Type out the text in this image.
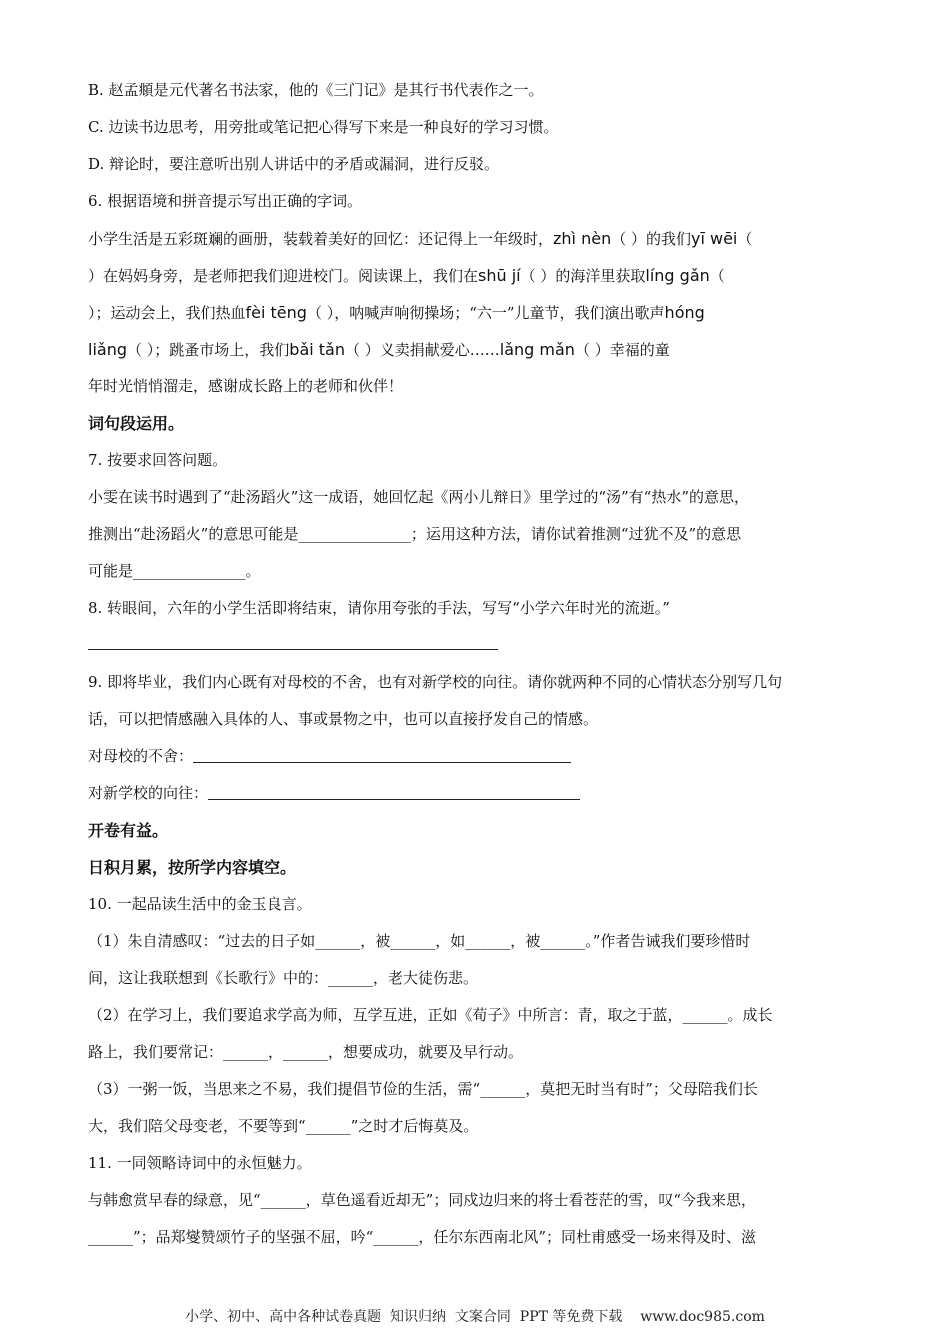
B. 赵孟頫是元代著名书法家，他的《三门记》是其行书代表作之一。
C. 边读书边思考，用旁批或笔记把心得写下来是一种良好的学习习惯。
D. 辩论时，要注意听出别人讲话中的矛盾或漏洞，进行反驳。
6. 根据语境和拼音提示写出正确的字词。
小学生活是五彩斑斓的画册，装载着美好的回忆：还记得上一年级时，zhì nèn（ ）的我们yī wēi（
）在妈妈身旁，是老师把我们迎进校门。阅读课上，我们在shū jí（ ）的海洋里获取líng gǎn（
）；运动会上，我们热血fèi tēng（ ），呐喊声响彻操场；“六一”儿童节，我们演出歌声hóng
liǎng（ ）；跳蚤市场上，我们bǎi tǎn（ ）义卖捐献爱心……lǎng mǎn（ ）幸福的童
年时光悄悄溜走，感谢成长路上的老师和伙伴！
词句段运用。
7. 按要求回答问题。
小雯在读书时遇到了“赴汤蹈火”这一成语，她回忆起《两小儿辩日》里学过的“汤”有“热水”的意思，
推测出“赴汤蹈火”的意思可能是_______________；运用这种方法，请你试着推测“过犹不及”的意思
可能是_______________。
8. 转眼间，六年的小学生活即将结束，请你用夸张的手法，写写“小学六年时光的流逝。”
9. 即将毕业，我们内心既有对母校的不舍，也有对新学校的向往。请你就两种不同的心情状态分别写几句
话，可以把情感融入具体的人、事或景物之中，也可以直接抒发自己的情感。
对母校的不舍：
对新学校的向往：
开卷有益。
日积月累，按所学内容填空。
10. 一起品读生活中的金玉良言。
（1）朱自清感叹：“过去的日子如______，被______，如______，被______。”作者告诫我们要珍惜时
间，这让我联想到《长歌行》中的：______，老大徒伤悲。
（2）在学习上，我们要追求学高为师，互学互进，正如《荀子》中所言：青，取之于蓝，______。成长
路上，我们要常记：______，______，想要成功，就要及早行动。
（3）一粥一饭，当思来之不易，我们提倡节俭的生活，需“______，莫把无时当有时”；父母陪我们长
大，我们陪父母变老，不要等到“______”之时才后悔莫及。
11. 一同领略诗词中的永恒魅力。
与韩愈赏早春的绿意，见“______，草色遥看近却无”；同戍边归来的将士看苍茫的雪，叹“今我来思，
______”；品郑燮赞颂竹子的坚强不屈，吟“______，任尔东西南北风”；同杜甫感受一场来得及时、滋
小学、初中、高中各种试卷真题  知识归纳  文案合同  PPT 等免费下载    www.doc985.com
